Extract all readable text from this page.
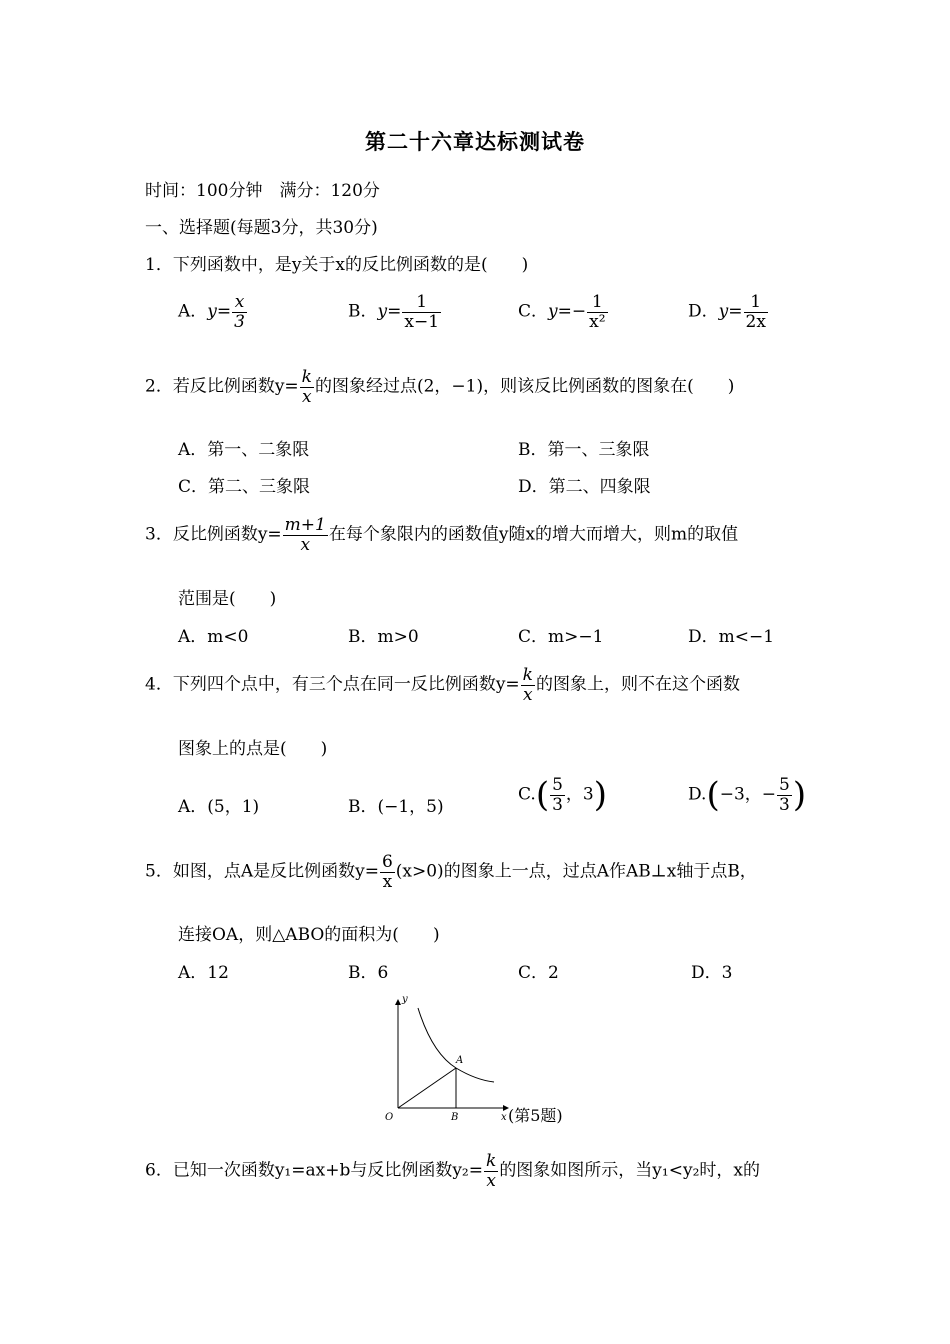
第二十六章达标测试卷
时间：100分钟　满分：120分
一、选择题(每题3分，共30分)
1．下列函数中，是y关于x的反比例函数的是(　　)
A．$y= \frac{x}{3}$	B．$y= \frac{1}{x-1}$	C．$y=- \frac{1}{\text{x²}}$	D．$y= \frac{1}{2x}$
2．若反比例函数$y= \frac{k}{x}$ 的图象经过点(2，−1)，则该反比例函数的图象在(　　)
A．第一、二象限	B．第一、三象限
C．第二、三象限	D．第二、四象限
3．反比例函数$y= \frac{m+1}{x}$ 在每个象限内的函数值y随x的增大而增大，则m的取值
范围是(　　)
A．m<0	B．m>0	C．m>−1	D．m<−1
4．下列四个点中，有三个点在同一反比例函数$y= \frac{k}{x}$ 的图象上，则不在这个函数
图象上的点是(　　)
A．(5，1)	B．(−1，5)
$C.( \frac{5}{3}$ ，3)	D.(−3，− $\frac{5}{3}$ )
5．如图，点A是反比例函数$y= \frac{6}{x} (x>0)$的图象上一点，过点A作AB⊥x轴于点B，
连接OA，则△ABO的面积为(　　)
A．12	B．6	C．2	D．3
y
x
O
A
B	(第5题)
6．已知一次函数y₁=ax+b与反比例函数$y_2= \frac{k}{x}$ 的图象如图所示，当y₁<y₂时，x的
